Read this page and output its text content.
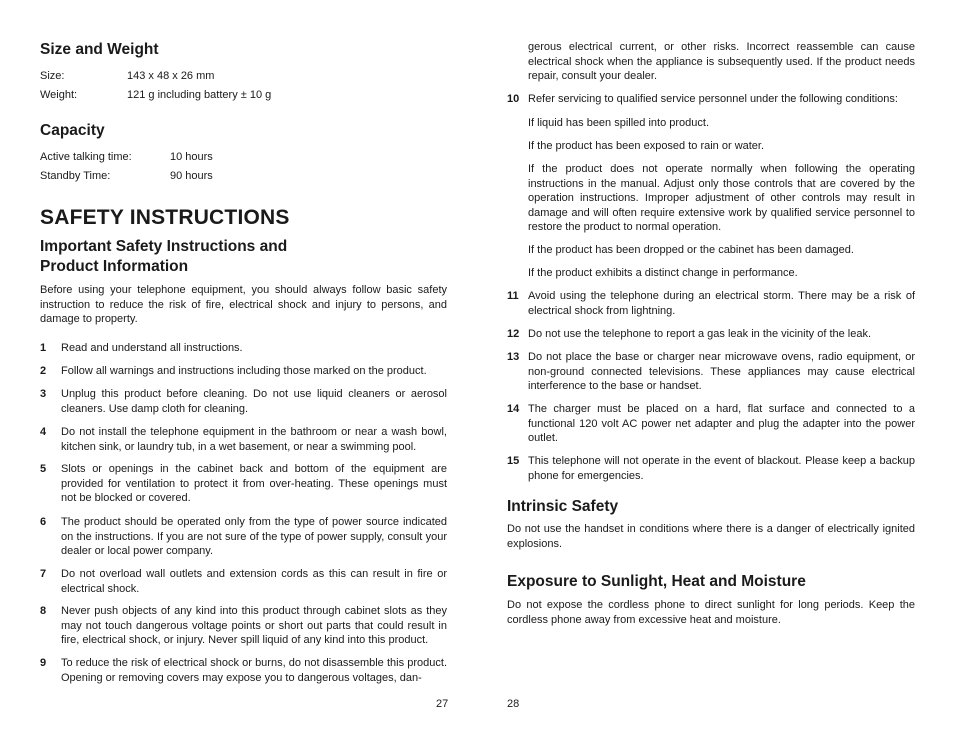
Size and Weight
Size:	143 x 48 x 26 mm
Weight:	121 g including battery ± 10 g
Capacity
Active talking time:	10 hours
Standby Time:	90 hours
SAFETY INSTRUCTIONS
Important Safety Instructions and
Product Information

Before using your telephone equipment, you should always follow basic safety instruction to reduce the risk of fire, electrical shock and injury to persons, and damage to property.

1 Read and understand all instructions.
2 Follow all warnings and instructions including those marked on the product.
3 Unplug this product before cleaning. Do not use liquid cleaners or aerosol cleaners. Use damp cloth for cleaning.
4 Do not install the telephone equipment in the bathroom or near a wash bowl, kitchen sink, or laundry tub, in a wet basement, or near a swimming pool.
5 Slots or openings in the cabinet back and bottom of the equipment are provided for ventilation to protect it from over-heating. These openings must not be blocked or covered.
6 The product should be operated only from the type of power source indicated on the instructions. If you are not sure of the type of power supply, consult your dealer or local power company.
7 Do not overload wall outlets and extension cords as this can result in fire or electrical shock.
8 Never push objects of any kind into this product through cabinet slots as they may not touch dangerous voltage points or short out parts that could result in fire, electrical shock, or injury. Never spill liquid of any kind into this product.
9 To reduce the risk of electrical shock or burns, do not disassemble this product. Opening or removing covers may expose you to dangerous voltages, dan-
27

gerous electrical current, or other risks. Incorrect reassemble can cause electrical shock when the appliance is subsequently used. If the product needs repair, consult your dealer.

10 Refer servicing to qualified service personnel under the following conditions:

If liquid has been spilled into product.

If the product has been exposed to rain or water.

If the product does not operate normally when following the operating instructions in the manual. Adjust only those controls that are covered by the operation instructions. Improper adjustment of other controls may result in damage and will often require extensive work by qualified service personnel to restore the product to normal operation.

If the product has been dropped or the cabinet has been damaged.

If the product exhibits a distinct change in performance.

11 Avoid using the telephone during an electrical storm. There may be a risk of electrical shock from lightning.
12 Do not use the telephone to report a gas leak in the vicinity of the leak.
13 Do not place the base or charger near microwave ovens, radio equipment, or non-ground connected televisions. These appliances may cause electrical interference to the base or handset.
14 The charger must be placed on a hard, flat surface and connected to a functional 120 volt AC power net adapter and plug the adapter into the power outlet.
15 This telephone will not operate in the event of blackout. Please keep a backup phone for emergencies.
Intrinsic Safety

Do not use the handset in conditions where there is a danger of electrically ignited explosions.

Exposure to Sunlight, Heat and Moisture

Do not expose the cordless phone to direct sunlight for long periods. Keep the cordless phone away from excessive heat and moisture.

28
